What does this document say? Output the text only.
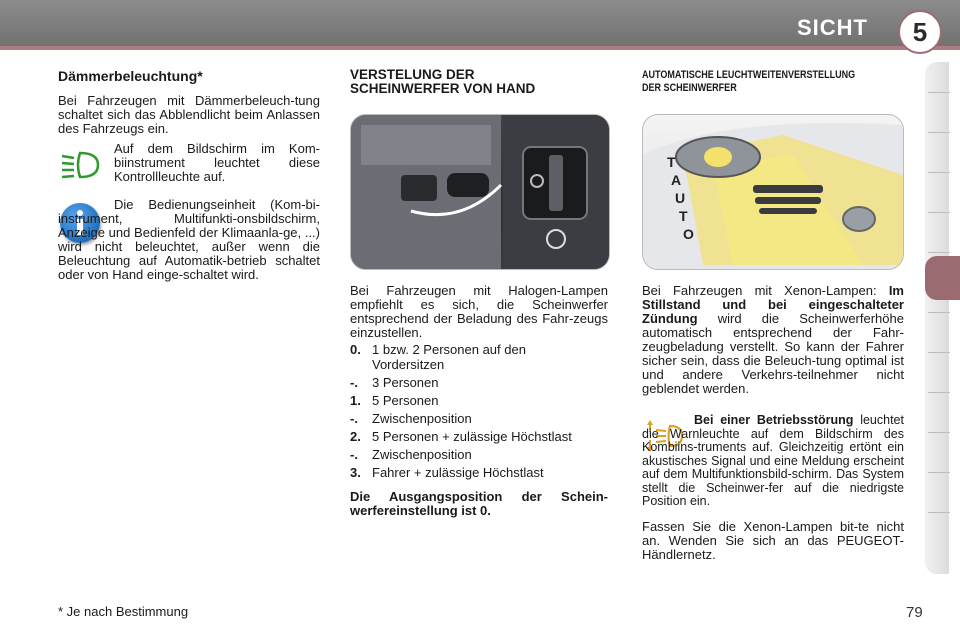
SICHT	5
Dämmerbeleuchtung*
Bei Fahrzeugen mit Dämmerbeleuch-tung schaltet sich das Abblendlicht beim Anlassen des Fahrzeugs ein.
Auf dem Bildschirm im Kom-biinstrument leuchtet diese Kontrollleuchte auf.
Die Bedienungseinheit (Kom-bi-instrument, Multifunkti-onsbildschirm, Anzeige und Bedienfeld der Klimaanla-ge, ...) wird nicht beleuchtet, außer wenn die Beleuchtung auf Automatik-betrieb schaltet oder von Hand einge-schaltet wird.
VERSTELUNG DER
SCHEINWERFER VON HAND
Bei Fahrzeugen mit Halogen-Lampen empfiehlt es sich, die Scheinwerfer entsprechend der Beladung des Fahr-zeugs einzustellen.
0. 1 bzw. 2 Personen auf den Vordersitzen
-. 3 Personen
1. 5 Personen
-. Zwischenposition
2. 5 Personen + zulässige Höchstlast
-. Zwischenposition
3. Fahrer + zulässige Höchstlast
Die Ausgangsposition der Schein-werfereinstellung ist 0.
AUTOMATISCHE LEUCHTWEITENVERSTELLUNG
DER SCHEINWERFER
T
A
U
T
O
Bei Fahrzeugen mit Xenon-Lampen: Im Stillstand und bei eingeschalteter Zündung wird die Scheinwerferhöhe automatisch entsprechend der Fahr-zeugbeladung verstellt. So kann der Fahrer sicher sein, dass die Beleuch-tung optimal ist und andere Verkehrs-teilnehmer nicht geblendet werden.
Bei einer Betriebsstörung leuchtet die Warnleuchte auf dem Bildschirm des Kombiins-truments auf. Gleichzeitig ertönt ein akustisches Signal und eine Meldung erscheint auf dem Multifunktionsbild-schirm. Das System stellt die Scheinwer-fer auf die niedrigste Position ein.
Fassen Sie die Xenon-Lampen bit-te nicht an. Wenden Sie sich an das PEUGEOT-Händlernetz.
* Je nach Bestimmung	79
